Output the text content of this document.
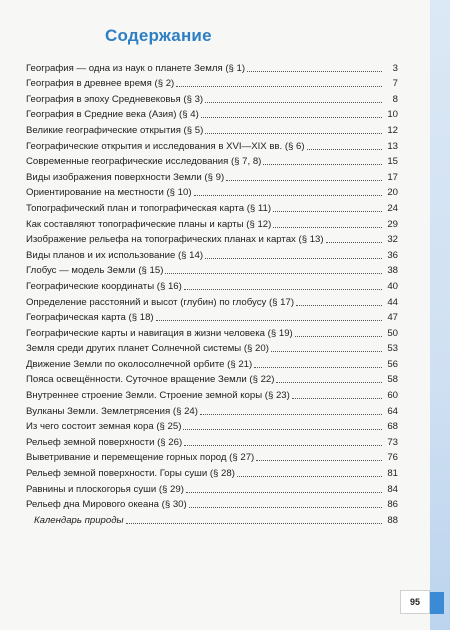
Содержание
География — одна из наук о планете Земля (§ 1)	3
География в древнее время (§ 2)	7
География в эпоху Средневековья (§ 3)	8
География в Средние века (Азия) (§ 4)	10
Великие географические открытия (§ 5)	12
Географические открытия и исследования в XVI—XIX вв. (§ 6)	13
Современные географические исследования (§ 7, 8)	15
Виды изображения поверхности Земли (§ 9)	17
Ориентирование на местности (§ 10)	20
Топографический план и топографическая карта (§ 11)	24
Как составляют топографические планы и карты (§ 12)	29
Изображение рельефа на топографических планах и картах (§ 13)	32
Виды планов и их использование (§ 14)	36
Глобус — модель Земли (§ 15)	38
Географические координаты (§ 16)	40
Определение расстояний и высот (глубин) по глобусу (§ 17)	44
Географическая карта (§ 18)	47
Географические карты и навигация в жизни человека (§ 19)	50
Земля среди других планет Солнечной системы (§ 20)	53
Движение Земли по околосолнечной орбите (§ 21)	56
Пояса освещённости. Суточное вращение Земли (§ 22)	58
Внутреннее строение Земли. Строение земной коры (§ 23)	60
Вулканы Земли. Землетрясения (§ 24)	64
Из чего состоит земная кора (§ 25)	68
Рельеф земной поверхности (§ 26)	73
Выветривание и перемещение горных пород (§ 27)	76
Рельеф земной поверхности. Горы суши (§ 28)	81
Равнины и плоскогорья суши (§ 29)	84
Рельеф дна Мирового океана (§ 30)	86
Календарь природы	88
95
